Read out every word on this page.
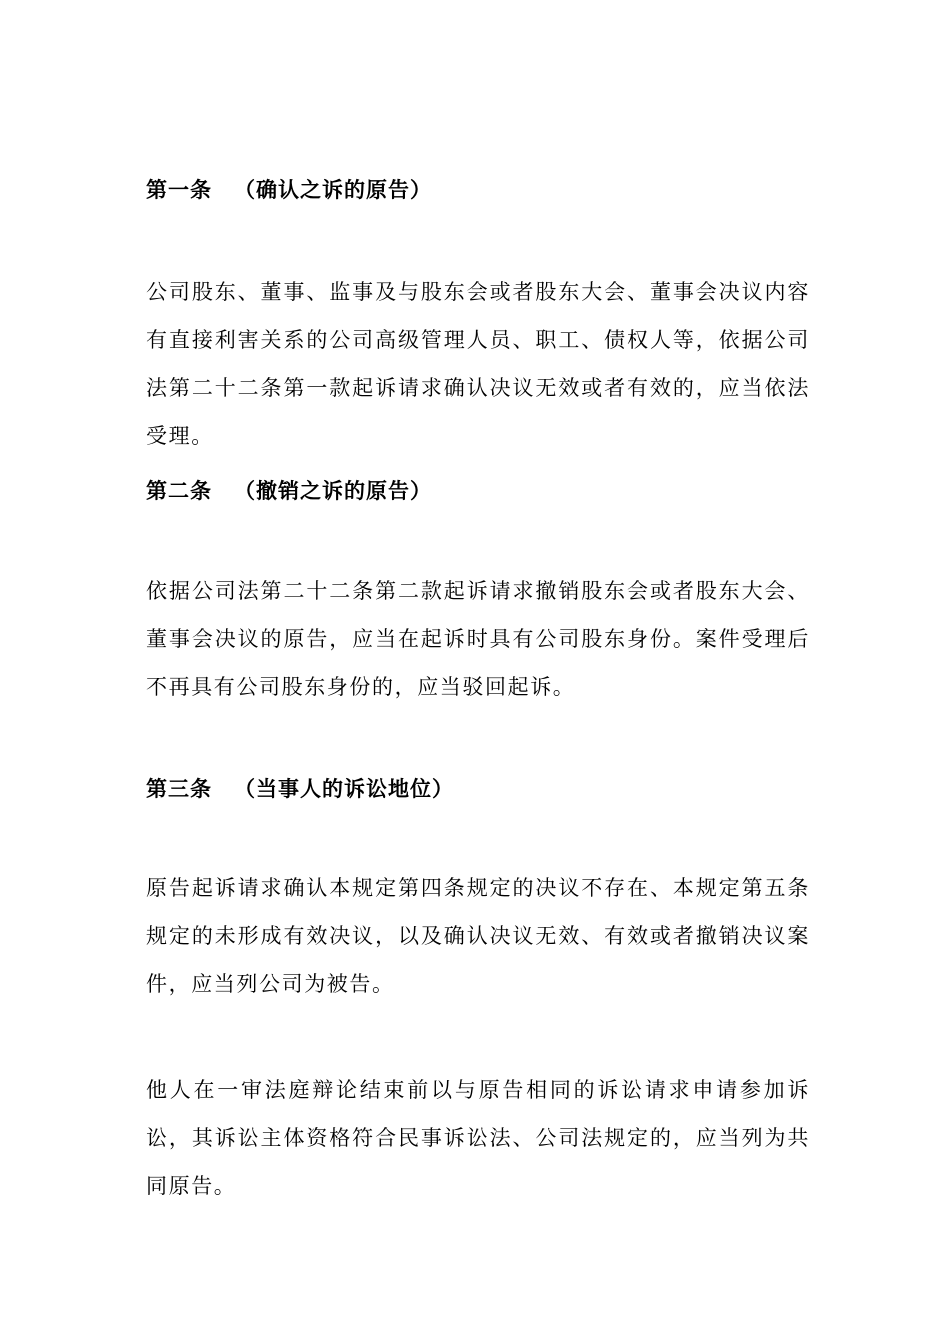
第一条 （确认之诉的原告）
公司股东、董事、监事及与股东会或者股东大会、董事会决议内容有直接利害关系的公司高级管理人员、职工、债权人等，依据公司法第二十二条第一款起诉请求确认决议无效或者有效的，应当依法受理。
第二条 （撤销之诉的原告）
依据公司法第二十二条第二款起诉请求撤销股东会或者股东大会、董事会决议的原告，应当在起诉时具有公司股东身份。案件受理后不再具有公司股东身份的，应当驳回起诉。
第三条 （当事人的诉讼地位）
原告起诉请求确认本规定第四条规定的决议不存在、本规定第五条规定的未形成有效决议，以及确认决议无效、有效或者撤销决议案件，应当列公司为被告。
他人在一审法庭辩论结束前以与原告相同的诉讼请求申请参加诉讼，其诉讼主体资格符合民事诉讼法、公司法规定的，应当列为共同原告。
